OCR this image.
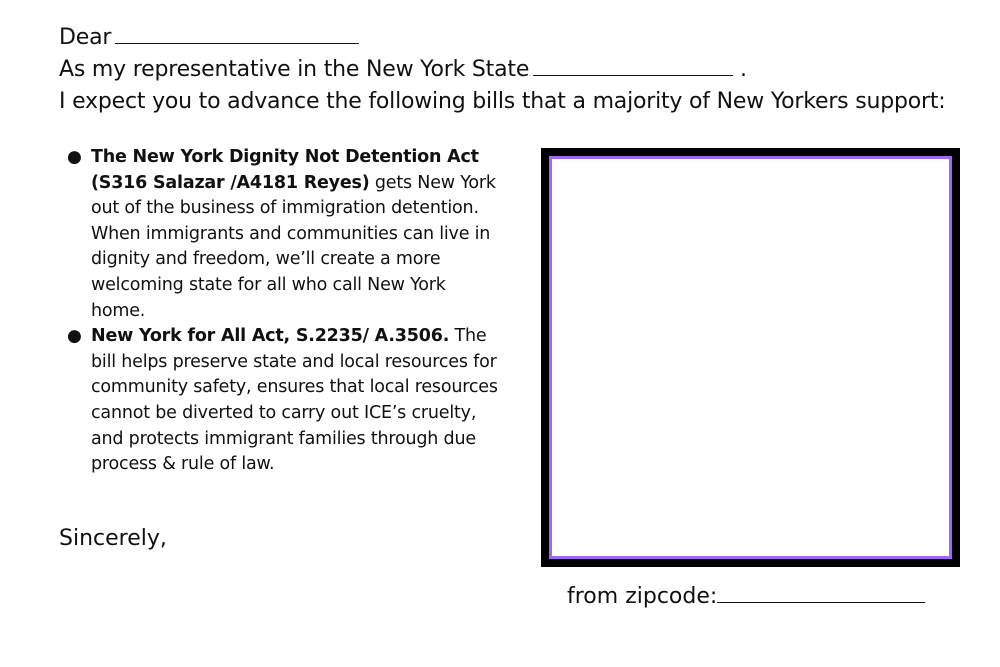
Dear
As my representative in the New York State	.
I expect you to advance the following bills that a majority of New Yorkers support:
● The New York Dignity Not Detention Act (S316 Salazar /A4181 Reyes) gets New York out of the business of immigration detention. When immigrants and communities can live in dignity and freedom, we’ll create a more welcoming state for all who call New York home.
● New York for All Act, S.2235/ A.3506. The bill helps preserve state and local resources for community safety, ensures that local resources cannot be diverted to carry out ICE’s cruelty, and protects immigrant families through due process & rule of law.
Sincerely,
from zipcode:
